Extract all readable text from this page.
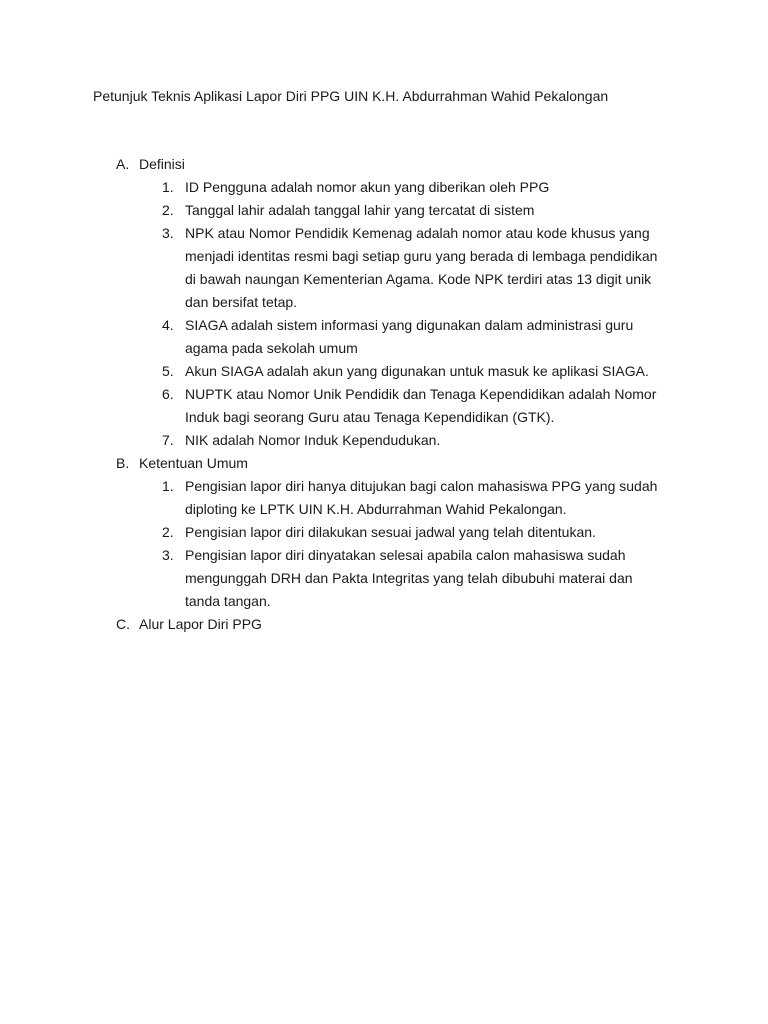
Petunjuk Teknis Aplikasi Lapor Diri PPG UIN K.H. Abdurrahman Wahid Pekalongan
A. Definisi
1. ID Pengguna adalah nomor akun yang diberikan oleh PPG
2. Tanggal lahir adalah tanggal lahir yang tercatat di sistem
3. NPK atau Nomor Pendidik Kemenag adalah nomor atau kode khusus yang menjadi identitas resmi bagi setiap guru yang berada di lembaga pendidikan di bawah naungan Kementerian Agama. Kode NPK terdiri atas 13 digit unik dan bersifat tetap.
4. SIAGA adalah sistem informasi yang digunakan dalam administrasi guru agama pada sekolah umum
5. Akun SIAGA adalah akun yang digunakan untuk masuk ke aplikasi SIAGA.
6. NUPTK atau Nomor Unik Pendidik dan Tenaga Kependidikan adalah Nomor Induk bagi seorang Guru atau Tenaga Kependidikan (GTK).
7. NIK adalah Nomor Induk Kependudukan.
B. Ketentuan Umum
1. Pengisian lapor diri hanya ditujukan bagi calon mahasiswa PPG yang sudah diploting ke LPTK UIN K.H. Abdurrahman Wahid Pekalongan.
2. Pengisian lapor diri dilakukan sesuai jadwal yang telah ditentukan.
3. Pengisian lapor diri dinyatakan selesai apabila calon mahasiswa sudah mengunggah DRH dan Pakta Integritas yang telah dibubuhi materai dan tanda tangan.
C. Alur Lapor Diri PPG
